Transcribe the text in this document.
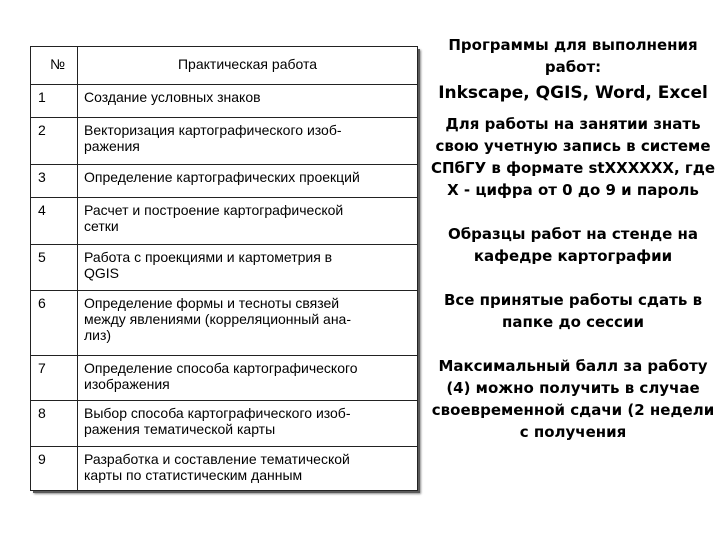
№	Практическая работа
1	Создание условных знаков
2	Векторизация картографического изоб-
ражения
3	Определение картографических проекций
4	Расчет и построение картографической
сетки
5	Работа с проекциями и картометрия в
QGIS
6	Определение формы и тесноты связей
между явлениями (корреляционный ана-
лиз)
7	Определение способа картографического
изображения
8	Выбор способа картографического изоб-
ражения тематической карты
9	Разработка и составление тематической
карты по статистическим данным

Программы для выполнения работ:

Inkscape, QGIS, Word, Excel

Для работы на занятии знать свою учетную запись в системе СПбГУ в формате stXXXXXX, где X - цифра от 0 до 9 и пароль

Образцы работ на стенде на кафедре картографии

Все принятые работы сдать в папке до сессии

Максимальный балл за работу (4) можно получить в случае своевременной сдачи (2 недели с получения
